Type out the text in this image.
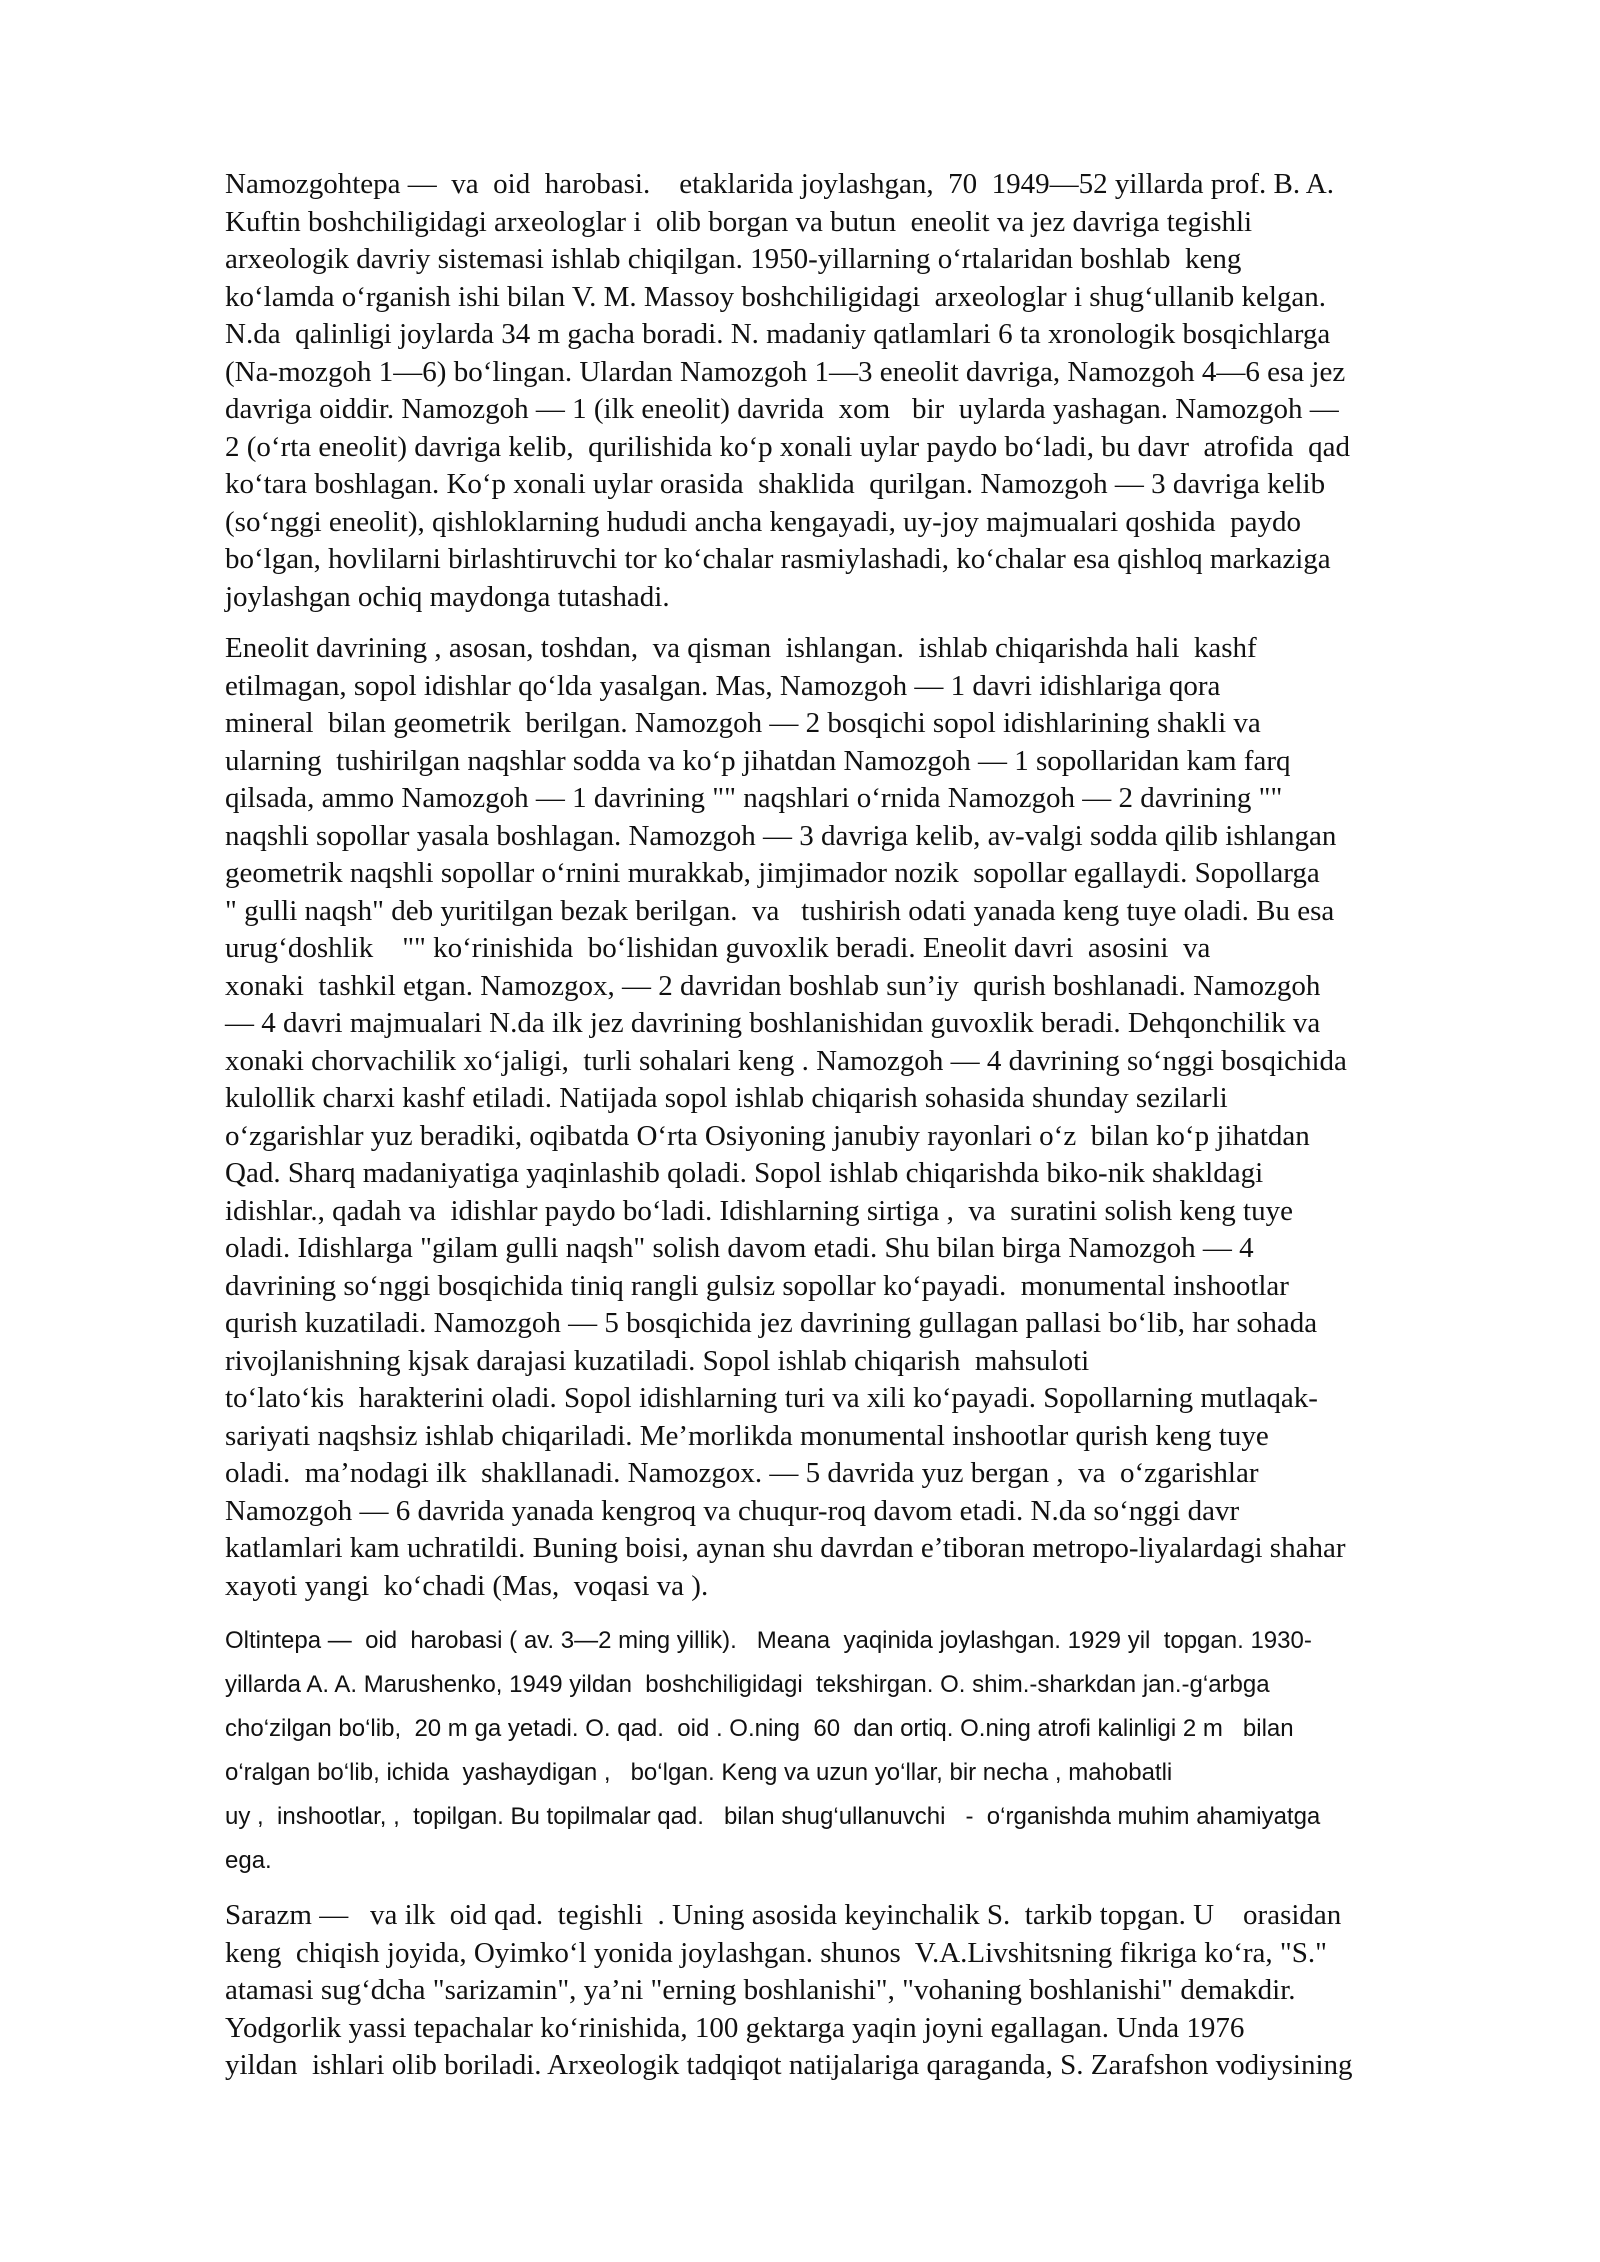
Namozgohtepa —  va  oid  harobasi.    etaklarida joylashgan,  70  1949—52 yillarda prof. B. A.
Kuftin boshchiligidagi arxeologlar i  olib borgan va butun  eneolit va jez davriga tegishli
arxeologik davriy sistemasi ishlab chiqilgan. 1950-yillarning o‘rtalaridan boshlab  keng
ko‘lamda o‘rganish ishi bilan V. M. Massoy boshchiligidagi  arxeologlar i shug‘ullanib kelgan.
N.da  qalinligi joylarda 34 m gacha boradi. N. madaniy qatlamlari 6 ta xronologik bosqichlarga
(Na-mozgoh 1—6) bo‘lingan. Ulardan Namozgoh 1—3 eneolit davriga, Namozgoh 4—6 esa jez
davriga oiddir. Namozgoh — 1 (ilk eneolit) davrida  xom   bir  uylarda yashagan. Namozgoh —
2 (o‘rta eneolit) davriga kelib,  qurilishida ko‘p xonali uylar paydo bo‘ladi, bu davr  atrofida  qad
ko‘tara boshlagan. Ko‘p xonali uylar orasida  shaklida  qurilgan. Namozgoh — 3 davriga kelib
(so‘nggi eneolit), qishloklarning hududi ancha kengayadi, uy-joy majmualari qoshida  paydo
bo‘lgan, hovlilarni birlashtiruvchi tor ko‘chalar rasmiylashadi, ko‘chalar esa qishloq markaziga
joylashgan ochiq maydonga tutashadi.
Eneolit davrining , asosan, toshdan,  va qisman  ishlangan.  ishlab chiqarishda hali  kashf
etilmagan, sopol idishlar qo‘lda yasalgan. Mas, Namozgoh — 1 davri idishlariga qora
mineral  bilan geometrik  berilgan. Namozgoh — 2 bosqichi sopol idishlarining shakli va
ularning  tushirilgan naqshlar sodda va ko‘p jihatdan Namozgoh — 1 sopollaridan kam farq
qilsada, ammo Namozgoh — 1 davrining "" naqshlari o‘rnida Namozgoh — 2 davrining ""
naqshli sopollar yasala boshlagan. Namozgoh — 3 davriga kelib, av-valgi sodda qilib ishlangan
geometrik naqshli sopollar o‘rnini murakkab, jimjimador nozik  sopollar egallaydi. Sopollarga
" gulli naqsh" deb yuritilgan bezak berilgan.  va   tushirish odati yanada keng tuye oladi. Bu esa
urug‘doshlik    "" ko‘rinishida  bo‘lishidan guvoxlik beradi. Eneolit davri  asosini  va
xonaki  tashkil etgan. Namozgox, — 2 davridan boshlab sun’iy  qurish boshlanadi. Namozgoh
— 4 davri majmualari N.da ilk jez davrining boshlanishidan guvoxlik beradi. Dehqonchilik va
xonaki chorvachilik xo‘jaligi,  turli sohalari keng . Namozgoh — 4 davrining so‘nggi bosqichida
kulollik charxi kashf etiladi. Natijada sopol ishlab chiqarish sohasida shunday sezilarli
o‘zgarishlar yuz beradiki, oqibatda O‘rta Osiyoning janubiy rayonlari o‘z  bilan ko‘p jihatdan
Qad. Sharq madaniyatiga yaqinlashib qoladi. Sopol ishlab chiqarishda biko-nik shakldagi
idishlar., qadah va  idishlar paydo bo‘ladi. Idishlarning sirtiga ,  va  suratini solish keng tuye
oladi. Idishlarga "gilam gulli naqsh" solish davom etadi. Shu bilan birga Namozgoh — 4
davrining so‘nggi bosqichida tiniq rangli gulsiz sopollar ko‘payadi.  monumental inshootlar
qurish kuzatiladi. Namozgoh — 5 bosqichida jez davrining gullagan pallasi bo‘lib, har sohada
rivojlanishning kjsak darajasi kuzatiladi. Sopol ishlab chiqarish  mahsuloti
to‘lato‘kis  harakterini oladi. Sopol idishlarning turi va xili ko‘payadi. Sopollarning mutlaqak-
sariyati naqshsiz ishlab chiqariladi. Me’morlikda monumental inshootlar qurish keng tuye
oladi.  ma’nodagi ilk  shakllanadi. Namozgox. — 5 davrida yuz bergan ,  va  o‘zgarishlar
Namozgoh — 6 davrida yanada kengroq va chuqur-roq davom etadi. N.da so‘nggi davr
katlamlari kam uchratildi. Buning boisi, aynan shu davrdan e’tiboran metropo-liyalardagi shahar
xayoti yangi  ko‘chadi (Mas,  voqasi va ).
Oltintepa —  oid  harobasi ( av. 3—2 ming yillik).   Meana  yaqinida joylashgan. 1929 yil  topgan. 1930-
yillarda A. A. Marushenko, 1949 yildan  boshchiligidagi  tekshirgan. O. shim.-sharkdan jan.-g‘arbga
cho‘zilgan bo‘lib,  20 m ga yetadi. O. qad.  oid . O.ning  60  dan ortiq. O.ning atrofi kalinligi 2 m   bilan
o‘ralgan bo‘lib, ichida  yashaydigan ,   bo‘lgan. Keng va uzun yo‘llar, bir necha , mahobatli
uy ,  inshootlar, ,  topilgan. Bu topilmalar qad.   bilan shug‘ullanuvchi   -  o‘rganishda muhim ahamiyatga
ega.
Sarazm —   va ilk  oid qad.  tegishli  . Uning asosida keyinchalik S.  tarkib topgan. U    orasidan
keng  chiqish joyida, Oyimko‘l yonida joylashgan. shunos  V.A.Livshitsning fikriga ko‘ra, "S."
atamasi sug‘dcha "sarizamin", ya’ni "erning boshlanishi", "vohaning boshlanishi" demakdir.
Yodgorlik yassi tepachalar ko‘rinishida, 100 gektarga yaqin joyni egallagan. Unda 1976
yildan  ishlari olib boriladi. Arxeologik tadqiqot natijalariga qaraganda, S. Zarafshon vodiysining
